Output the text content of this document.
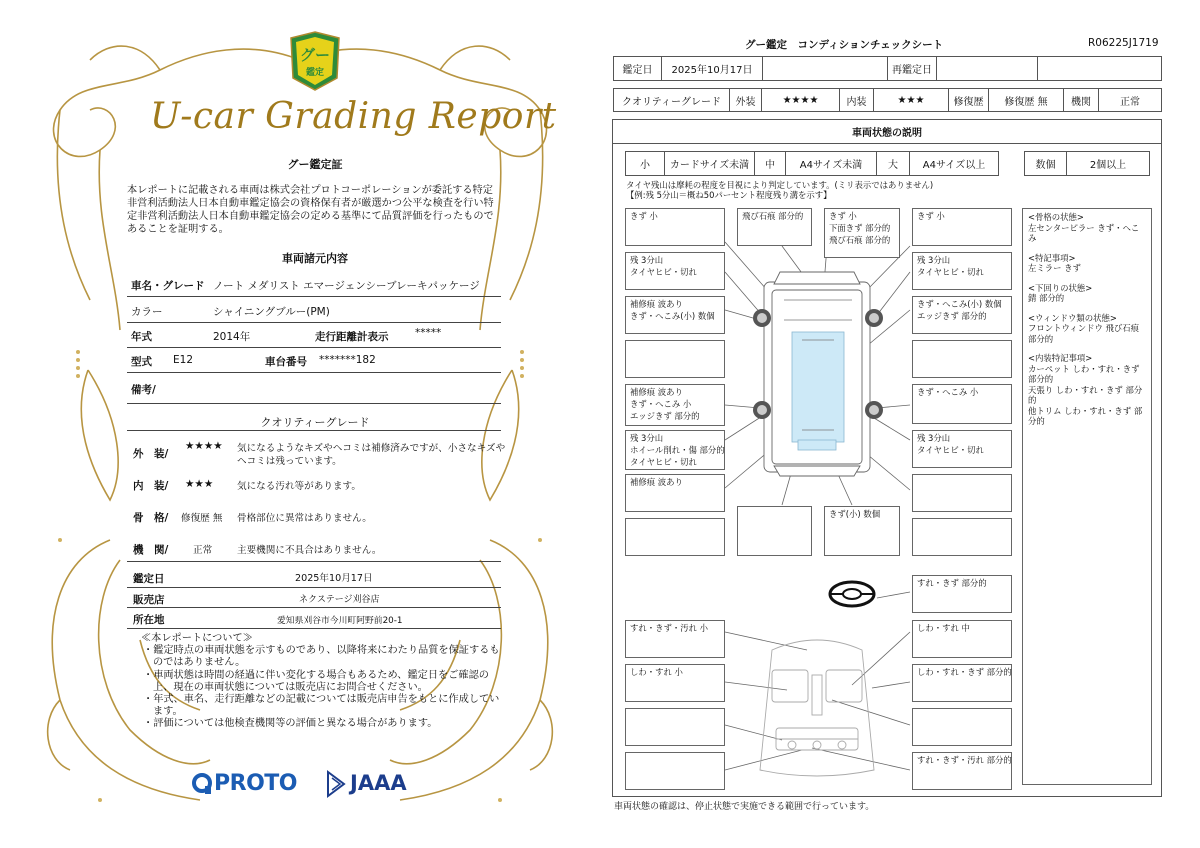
グー
鑑定
U-car Grading Report
グー鑑定証
本レポートに記載される車両は株式会社プロトコーポレーションが委託する特定非営利活動法人日本自動車鑑定協会の資格保有者が厳選かつ公平な検査を行い特定非営利活動法人日本自動車鑑定協会の定める基準にて品質評価を行ったものであることを証明する。
車両諸元内容
車名・グレード ノート メダリスト エマージェンシーブレーキパッケージ
カラー	シャイニングブルー(PM)
年式	2014年	走行距離計表示	*****
型式 E12	車台番号 *******182
備考/
クオリティーグレード
外　装/
★★★★ 気になるようなキズやヘコミは補修済みですが、小さなキズや
ヘコミは残っています。
内　装/ ★★★ 気になる汚れ等があります。
骨　格/ 修復歴 無 骨格部位に異常はありません。
機　関/	正常	主要機関に不具合はありません。
鑑定日	2025年10月17日
販売店	ネクステージ刈谷店
所在地	愛知県刈谷市今川町阿野前20-1
≪本レポートについて≫
・鑑定時点の車両状態を示すものであり、以降将来にわたり品質を保証するものではありません。
・車両状態は時間の経過に伴い変化する場合もあるため、鑑定日をご確認の上、現在の車両状態については販売店にお問合せください。
・年式、車名、走行距離などの記載については販売店申告をもとに作成しています。
・評価については他検査機関等の評価と異なる場合があります。
PROTO	JAAA
グー鑑定　コンディションチェックシート	R06225J1719
鑑定日	2025年10月17日	再鑑定日
クオリティーグレード	外装	★★★★	内装	★★★	修復歴	修復歴 無	機関	正常
車両状態の説明
小	カードサイズ未満	中	A4サイズ未満	大	A4サイズ以上	数個	2個以上
タイヤ残山は摩耗の程度を目視により判定しています。(ミリ表示ではありません)
【例:残 5分山＝概ね50パーセント程度残り溝を示す】
きず 小
残 3分山
タイヤヒビ・切れ
補修痕 波あり
きず・へこみ(小) 数個
補修痕 波あり
きず・へこみ 小
エッジきず 部分的
残 3分山
ホイール削れ・傷 部分的
タイヤヒビ・切れ
補修痕 波あり
飛び石痕 部分的	きず 小
下面きず 部分的
飛び石痕 部分的
きず(小) 数個
きず 小
残 3分山
タイヤヒビ・切れ
きず・へこみ(小) 数個
エッジきず 部分的
きず・へこみ 小
残 3分山
タイヤヒビ・切れ
すれ・きず 部分的
すれ・きず・汚れ 小
しわ・すれ 小
しわ・すれ 中
しわ・すれ・きず 部分的
すれ・きず・汚れ 部分的
<骨格の状態>
左センターピラー きず・へこみ
<特記事項>
左ミラー きず
<下回りの状態>
錆 部分的
<ウィンドウ類の状態>
フロントウィンドウ 飛び石痕 部分的
<内装特記事項>
カーペット しわ・すれ・きず 部分的
天張り しわ・すれ・きず 部分的
他トリム しわ・すれ・きず 部分的
車両状態の確認は、停止状態で実施できる範囲で行っています。
